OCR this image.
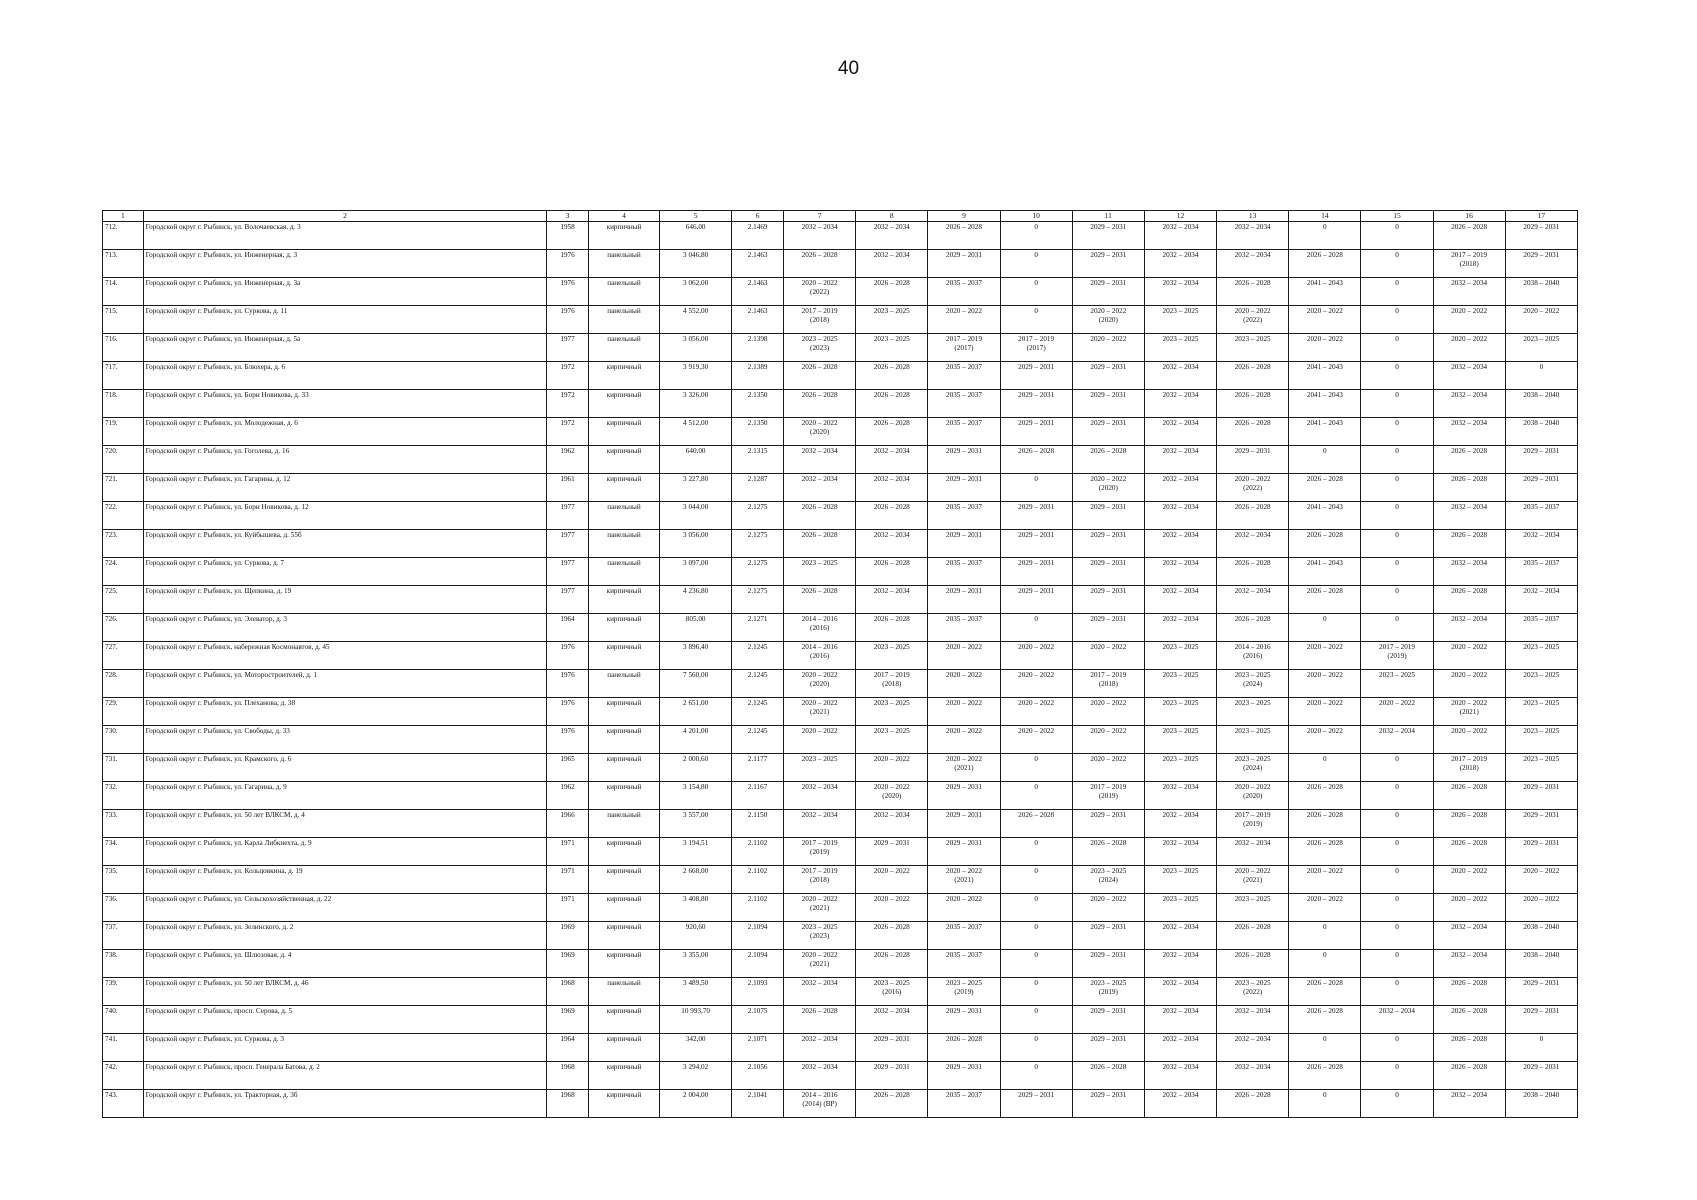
40
1	2	3	4	5	6	7	8	9	10	11	12	13	14	15	16	17
712.	Городской округ г. Рыбинск, ул. Волочаевская, д. 3	1958	кирпичный	646,00	2.1469	2032 – 2034	2032 – 2034	2026 – 2028	0	2029 – 2031	2032 – 2034	2032 – 2034	0	0	2026 – 2028	2029 – 2031
713.	Городской округ г. Рыбинск, ул. Инженерная, д. 3	1976	панельный	3 046,80	2.1463	2026 – 2028	2032 – 2034	2029 – 2031	0	2029 – 2031	2032 – 2034	2032 – 2034	2026 – 2028	0	2017 – 2019
(2018)	2029 – 2031
714.	Городской округ г. Рыбинск, ул. Инженерная, д. 3а	1976	панельный	3 062,00	2.1463	2020 – 2022
(2022)	2026 – 2028	2035 – 2037	0	2029 – 2031	2032 – 2034	2026 – 2028	2041 – 2043	0	2032 – 2034	2038 – 2040
715.	Городской округ г. Рыбинск, ул. Суркова, д. 11	1976	панельный	4 552,00	2.1463	2017 – 2019
(2018)	2023 – 2025	2020 – 2022	0	2020 – 2022
(2020)	2023 – 2025	2020 – 2022
(2022)	2020 – 2022	0	2020 – 2022	2020 – 2022
716.	Городской округ г. Рыбинск, ул. Инженерная, д. 5а	1977	панельный	3 056,00	2.1398	2023 – 2025
(2023)	2023 – 2025	2017 – 2019
(2017)	2017 – 2019
(2017)	2020 – 2022	2023 – 2025	2023 – 2025	2020 – 2022	0	2020 – 2022	2023 – 2025
717.	Городской округ г. Рыбинск, ул. Блюхера, д. 6	1972	кирпичный	3 919,30	2.1389	2026 – 2028	2026 – 2028	2035 – 2037	2029 – 2031	2029 – 2031	2032 – 2034	2026 – 2028	2041 – 2043	0	2032 – 2034	0
718.	Городской округ г. Рыбинск, ул. Бори Новикова, д. 33	1972	кирпичный	3 326,00	2.1350	2026 – 2028	2026 – 2028	2035 – 2037	2029 – 2031	2029 – 2031	2032 – 2034	2026 – 2028	2041 – 2043	0	2032 – 2034	2038 – 2040
719.	Городской округ г. Рыбинск, ул. Молодежная, д. 6	1972	кирпичный	4 512,00	2.1350	2020 – 2022
(2020)	2026 – 2028	2035 – 2037	2029 – 2031	2029 – 2031	2032 – 2034	2026 – 2028	2041 – 2043	0	2032 – 2034	2038 – 2040
720.	Городской округ г. Рыбинск, ул. Гоголева, д. 16	1962	кирпичный	640,00	2.1315	2032 – 2034	2032 – 2034	2029 – 2031	2026 – 2028	2026 – 2028	2032 – 2034	2029 – 2031	0	0	2026 – 2028	2029 – 2031
721.	Городской округ г. Рыбинск, ул. Гагарина, д. 12	1961	кирпичный	3 227,80	2.1287	2032 – 2034	2032 – 2034	2029 – 2031	0	2020 – 2022
(2020)	2032 – 2034	2020 – 2022
(2022)	2026 – 2028	0	2026 – 2028	2029 – 2031
722.	Городской округ г. Рыбинск, ул. Бори Новикова, д. 12	1977	панельный	3 044,00	2.1275	2026 – 2028	2026 – 2028	2035 – 2037	2029 – 2031	2029 – 2031	2032 – 2034	2026 – 2028	2041 – 2043	0	2032 – 2034	2035 – 2037
723.	Городской округ г. Рыбинск, ул. Куйбышева, д. 55б	1977	панельный	3 056,00	2.1275	2026 – 2028	2032 – 2034	2029 – 2031	2029 – 2031	2029 – 2031	2032 – 2034	2032 – 2034	2026 – 2028	0	2026 – 2028	2032 – 2034
724.	Городской округ г. Рыбинск, ул. Суркова, д. 7	1977	панельный	3 097,00	2.1275	2023 – 2025	2026 – 2028	2035 – 2037	2029 – 2031	2029 – 2031	2032 – 2034	2026 – 2028	2041 – 2043	0	2032 – 2034	2035 – 2037
725.	Городской округ г. Рыбинск, ул. Щепкина, д. 19	1977	кирпичный	4 236,80	2.1275	2026 – 2028	2032 – 2034	2029 – 2031	2029 – 2031	2029 – 2031	2032 – 2034	2032 – 2034	2026 – 2028	0	2026 – 2028	2032 – 2034
726.	Городской округ г. Рыбинск, ул. Элеватор, д. 3	1964	кирпичный	805,00	2.1271	2014 – 2016
(2016)	2026 – 2028	2035 – 2037	0	2029 – 2031	2032 – 2034	2026 – 2028	0	0	2032 – 2034	2035 – 2037
727.	Городской округ г. Рыбинск, набережная Космонавтов, д. 45	1976	кирпичный	3 896,40	2.1245	2014 – 2016
(2016)	2023 – 2025	2020 – 2022	2020 – 2022	2020 – 2022	2023 – 2025	2014 – 2016
(2016)	2020 – 2022	2017 – 2019
(2019)	2020 – 2022	2023 – 2025
728.	Городской округ г. Рыбинск, ул. Моторостроителей, д. 1	1976	панельный	7 560,00	2.1245	2020 – 2022
(2020)	2017 – 2019
(2018)	2020 – 2022	2020 – 2022	2017 – 2019
(2018)	2023 – 2025	2023 – 2025
(2024)	2020 – 2022	2023 – 2025	2020 – 2022	2023 – 2025
729.	Городской округ г. Рыбинск, ул. Плеханова, д. 38	1976	кирпичный	2 651,00	2.1245	2020 – 2022
(2021)	2023 – 2025	2020 – 2022	2020 – 2022	2020 – 2022	2023 – 2025	2023 – 2025	2020 – 2022	2020 – 2022	2020 – 2022
(2021)	2023 – 2025
730.	Городской округ г. Рыбинск, ул. Свободы, д. 33	1976	кирпичный	4 201,00	2.1245	2020 – 2022	2023 – 2025	2020 – 2022	2020 – 2022	2020 – 2022	2023 – 2025	2023 – 2025	2020 – 2022	2032 – 2034	2020 – 2022	2023 – 2025
731.	Городской округ г. Рыбинск, ул. Крамского, д. 6	1965	кирпичный	2 000,60	2.1177	2023 – 2025	2020 – 2022	2020 – 2022
(2021)	0	2020 – 2022	2023 – 2025	2023 – 2025
(2024)	0	0	2017 – 2019
(2018)	2023 – 2025
732.	Городской округ г. Рыбинск, ул. Гагарина, д. 9	1962	кирпичный	3 154,80	2.1167	2032 – 2034	2020 – 2022
(2020)	2029 – 2031	0	2017 – 2019
(2019)	2032 – 2034	2020 – 2022
(2020)	2026 – 2028	0	2026 – 2028	2029 – 2031
733.	Городской округ г. Рыбинск, ул. 50 лет ВЛКСМ, д. 4	1966	панельный	3 557,00	2.1150	2032 – 2034	2032 – 2034	2029 – 2031	2026 – 2028	2029 – 2031	2032 – 2034	2017 – 2019
(2019)	2026 – 2028	0	2026 – 2028	2029 – 2031
734.	Городской округ г. Рыбинск, ул. Карла Либкнехта, д. 9	1971	кирпичный	3 194,51	2.1102	2017 – 2019
(2019)	2029 – 2031	2029 – 2031	0	2026 – 2028	2032 – 2034	2032 – 2034	2026 – 2028	0	2026 – 2028	2029 – 2031
735.	Городской округ г. Рыбинск, ул. Кольцовкина, д. 19	1971	кирпичный	2 668,00	2.1102	2017 – 2019
(2018)	2020 – 2022	2020 – 2022
(2021)	0	2023 – 2025
(2024)	2023 – 2025	2020 – 2022
(2021)	2020 – 2022	0	2020 – 2022	2020 – 2022
736.	Городской округ г. Рыбинск, ул. Сельскохозяйственная, д. 22	1971	кирпичный	3 408,80	2.1102	2020 – 2022
(2021)	2020 – 2022	2020 – 2022	0	2020 – 2022	2023 – 2025	2023 – 2025	2020 – 2022	0	2020 – 2022	2020 – 2022
737.	Городской округ г. Рыбинск, ул. Зелинского, д. 2	1969	кирпичный	920,60	2.1094	2023 – 2025
(2023)	2026 – 2028	2035 – 2037	0	2029 – 2031	2032 – 2034	2026 – 2028	0	0	2032 – 2034	2038 – 2040
738.	Городской округ г. Рыбинск, ул. Шлюзовая, д. 4	1969	кирпичный	3 355,00	2.1094	2020 – 2022
(2021)	2026 – 2028	2035 – 2037	0	2029 – 2031	2032 – 2034	2026 – 2028	0	0	2032 – 2034	2038 – 2040
739.	Городской округ г. Рыбинск, ул. 50 лет ВЛКСМ, д. 46	1968	панельный	3 489,50	2.1093	2032 – 2034	2023 – 2025
(2016)	2023 – 2025
(2019)	0	2023 – 2025
(2019)	2032 – 2034	2023 – 2025
(2022)	2026 – 2028	0	2026 – 2028	2029 – 2031
740.	Городской округ г. Рыбинск, просп. Серова, д. 5	1969	кирпичный	10 993,70	2.1075	2026 – 2028	2032 – 2034	2029 – 2031	0	2029 – 2031	2032 – 2034	2032 – 2034	2026 – 2028	2032 – 2034	2026 – 2028	2029 – 2031
741.	Городской округ г. Рыбинск, ул. Суркова, д. 3	1964	кирпичный	342,00	2.1071	2032 – 2034	2029 – 2031	2026 – 2028	0	2029 – 2031	2032 – 2034	2032 – 2034	0	0	2026 – 2028	0
742.	Городской округ г. Рыбинск, просп. Генерала Батова, д. 2	1968	кирпичный	3 294,02	2.1056	2032 – 2034	2029 – 2031	2029 – 2031	0	2026 – 2028	2032 – 2034	2032 – 2034	2026 – 2028	0	2026 – 2028	2029 – 2031
743.	Городской округ г. Рыбинск, ул. Тракторная, д. 3б	1968	кирпичный	2 004,00	2.1041	2014 – 2016
(2014) (ВР)	2026 – 2028	2035 – 2037	2029 – 2031	2029 – 2031	2032 – 2034	2026 – 2028	0	0	2032 – 2034	2038 – 2040
